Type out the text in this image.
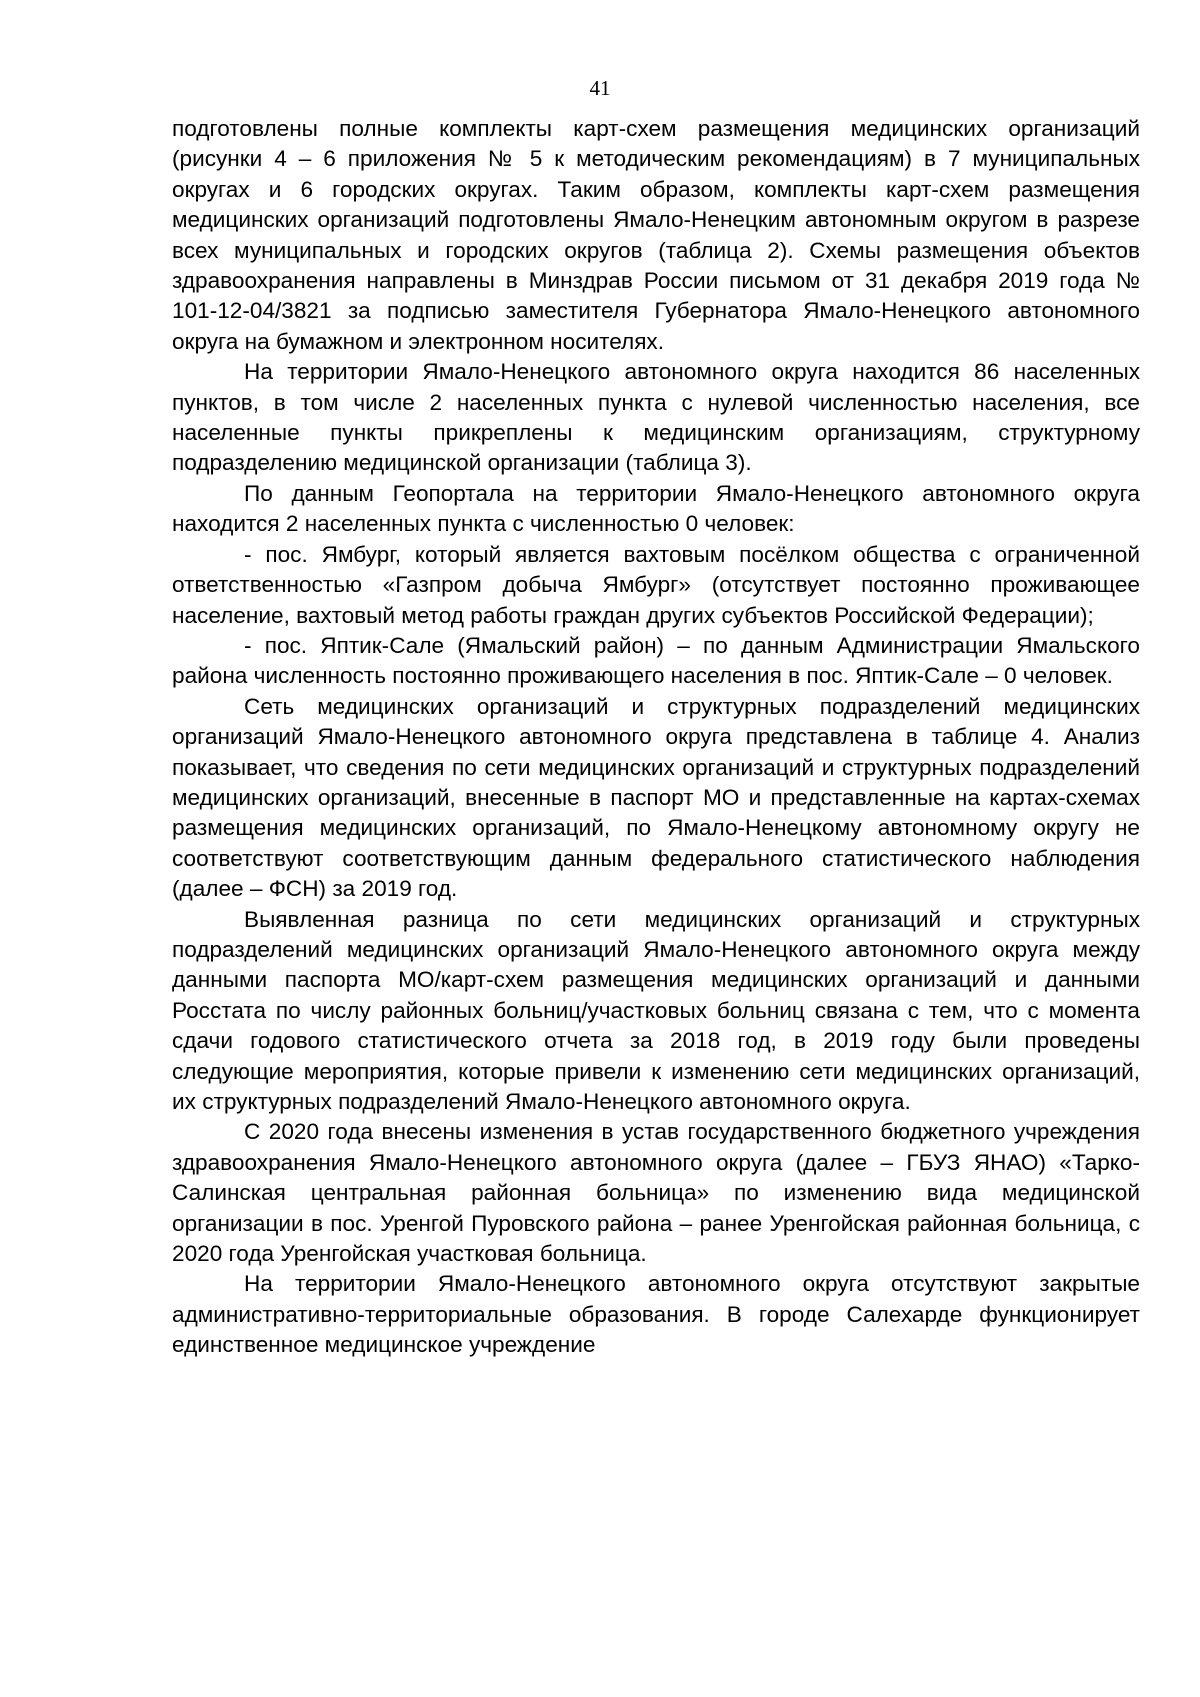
41

подготовлены полные комплекты карт-схем размещения медицинских организаций (рисунки 4 – 6 приложения № 5 к методическим рекомендациям) в 7 муниципальных округах и 6 городских округах. Таким образом, комплекты карт-схем размещения медицинских организаций подготовлены Ямало-Ненецким автономным округом в разрезе всех муниципальных и городских округов (таблица 2). Схемы размещения объектов здравоохранения направлены в Минздрав России письмом от 31 декабря 2019 года № 101-12-04/3821 за подписью заместителя Губернатора Ямало-Ненецкого автономного округа на бумажном и электронном носителях.

На территории Ямало-Ненецкого автономного округа находится 86 населенных пунктов, в том числе 2 населенных пункта с нулевой численностью населения, все населенные пункты прикреплены к медицинским организациям, структурному подразделению медицинской организации (таблица 3).

По данным Геопортала на территории Ямало-Ненецкого автономного округа находится 2 населенных пункта с численностью 0 человек:

- пос. Ямбург, который является вахтовым посёлком общества с ограниченной ответственностью «Газпром добыча Ямбург» (отсутствует постоянно проживающее население, вахтовый метод работы граждан других субъектов Российской Федерации);

- пос. Яптик-Сале (Ямальский район) – по данным Администрации Ямальского района численность постоянно проживающего населения в пос. Яптик-Сале – 0 человек.

Сеть медицинских организаций и структурных подразделений медицинских организаций Ямало-Ненецкого автономного округа представлена в таблице 4. Анализ показывает, что сведения по сети медицинских организаций и структурных подразделений медицинских организаций, внесенные в паспорт МО и представленные на картах-схемах размещения медицинских организаций, по Ямало-Ненецкому автономному округу не соответствуют соответствующим данным федерального статистического наблюдения (далее – ФСН) за 2019 год.

Выявленная разница по сети медицинских организаций и структурных подразделений медицинских организаций Ямало-Ненецкого автономного округа между данными паспорта МО/карт-схем размещения медицинских организаций и данными Росстата по числу районных больниц/участковых больниц связана с тем, что с момента сдачи годового статистического отчета за 2018 год, в 2019 году были проведены следующие мероприятия, которые привели к изменению сети медицинских организаций, их структурных подразделений Ямало-Ненецкого автономного округа.

С 2020 года внесены изменения в устав государственного бюджетного учреждения здравоохранения Ямало-Ненецкого автономного округа (далее – ГБУЗ ЯНАО) «Тарко-Салинская центральная районная больница» по изменению вида медицинской организации в пос. Уренгой Пуровского района – ранее Уренгойская районная больница, с 2020 года Уренгойская участковая больница.

На территории Ямало-Ненецкого автономного округа отсутствуют закрытые административно-территориальные образования. В городе Салехарде функционирует единственное медицинское учреждение
